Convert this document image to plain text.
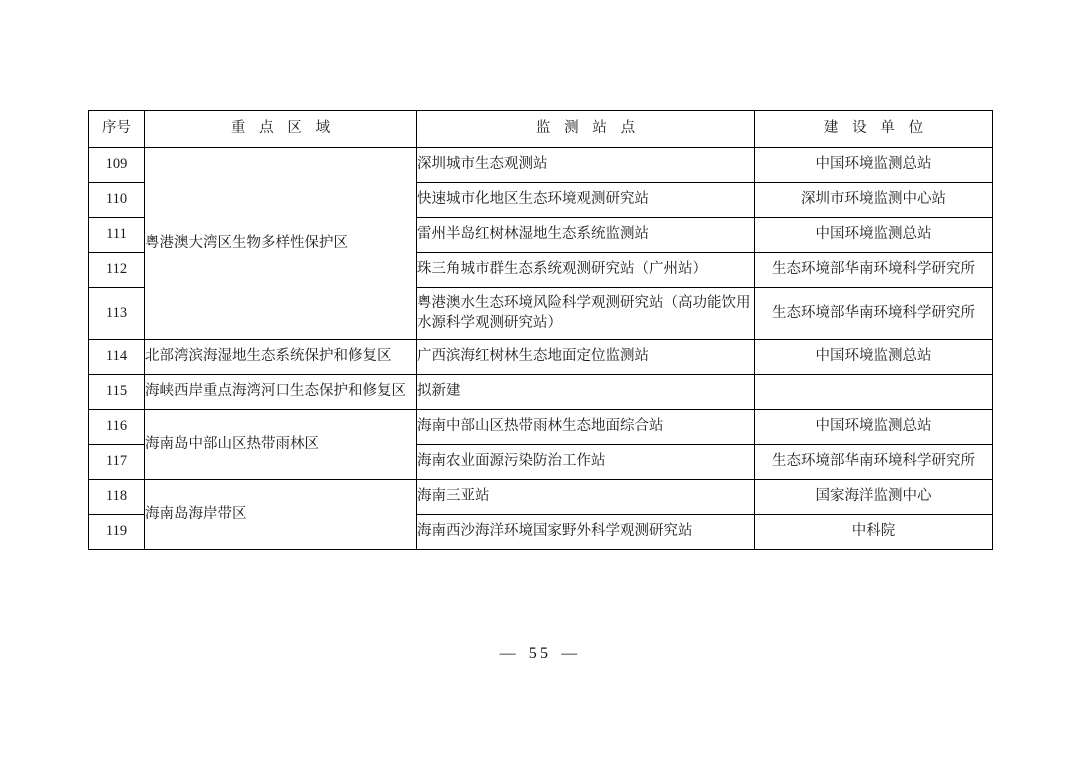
序号	重 点 区 域	监 测 站 点	建 设 单 位
109	粤港澳大湾区生物多样性保护区	深圳城市生态观测站	中国环境监测总站
110		快速城市化地区生态环境观测研究站	深圳市环境监测中心站
111		雷州半岛红树林湿地生态系统监测站	中国环境监测总站
112		珠三角城市群生态系统观测研究站（广州站）	生态环境部华南环境科学研究所
113		粤港澳水生态环境风险科学观测研究站（高功能饮用水源科学观测研究站）	生态环境部华南环境科学研究所
114	北部湾滨海湿地生态系统保护和修复区	广西滨海红树林生态地面定位监测站	中国环境监测总站
115	海峡西岸重点海湾河口生态保护和修复区	拟新建	
116	海南岛中部山区热带雨林区	海南中部山区热带雨林生态地面综合站	中国环境监测总站
117		海南农业面源污染防治工作站	生态环境部华南环境科学研究所
118	海南岛海岸带区	海南三亚站	国家海洋监测中心
119		海南西沙海洋环境国家野外科学观测研究站	中科院
— 55 —
